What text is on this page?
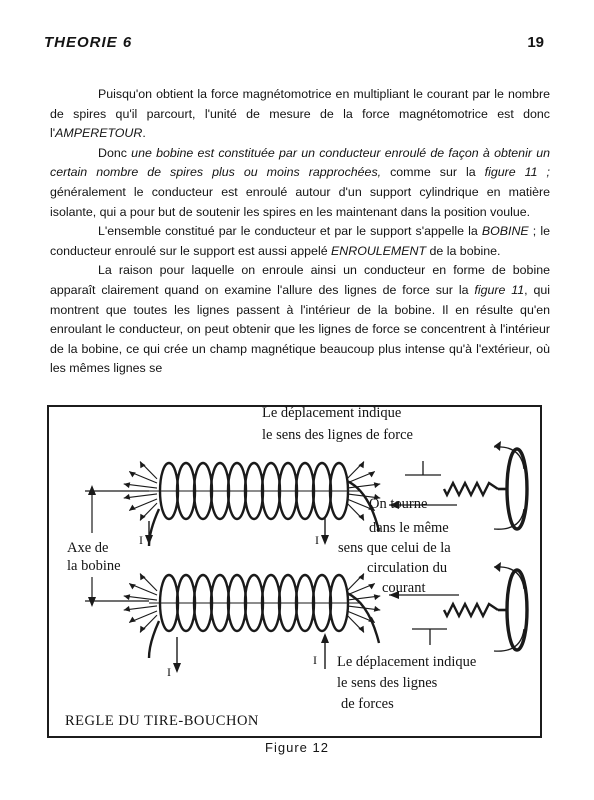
THEORIE 6	19

Puisqu'on obtient la force magnétomotrice en multipliant le courant par le nombre de spires qu'il parcourt, l'unité de mesure de la force magnétomotrice est donc l'AMPERETOUR.

Donc une bobine est constituée par un conducteur enroulé de façon à obtenir un certain nombre de spires plus ou moins rapprochées, comme sur la figure 11 ; généralement le conducteur est enroulé autour d'un support cylindrique en matière isolante, qui a pour but de soutenir les spires en les maintenant dans la position voulue.

L'ensemble constitué par le conducteur et par le support s'appelle la BOBINE ; le conducteur enroulé sur le support est aussi appelé ENROULEMENT de la bobine.

La raison pour laquelle on enroule ainsi un conducteur en forme de bobine apparaît clairement quand on examine l'allure des lignes de force sur la figure 11, qui montrent que toutes les lignes passent à l'intérieur de la bobine. Il en résulte qu'en enroulant le conducteur, on peut obtenir que les lignes de force se concentrent à l'intérieur de la bobine, ce qui crée un champ magnétique beaucoup plus intense qu'à l'extérieur, où les mêmes lignes se

Le déplacement indique
le sens des lignes de force
On tourne
dans le même
sens que celui de la
circulation du
courant
Axe de
la bobine
Le déplacement indique
le sens des lignes
de forces
I	I
I
I
REGLE DU TIRE-BOUCHON
Figure 12
